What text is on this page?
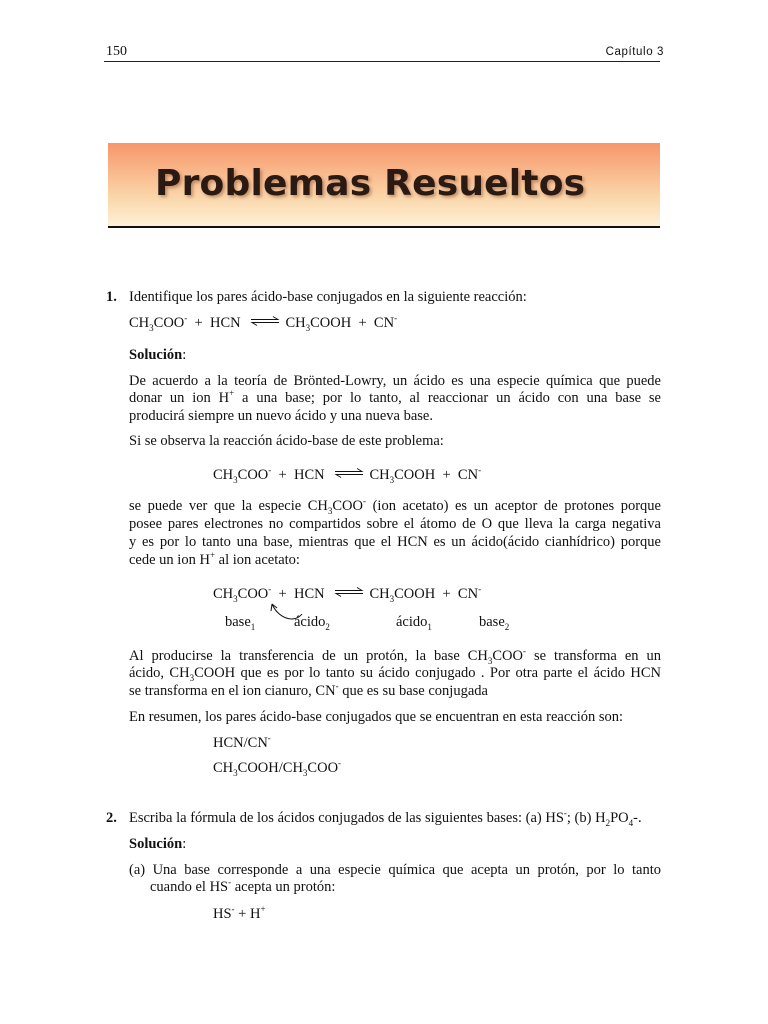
150	Capítulo 3
Problemas Resueltos
1. Identifique los pares ácido-base conjugados en la siguiente reacción:
$CH_3COO^-$ + HCN ⇌ $CH_3COOH + CN^-$
Solución:
De acuerdo a la teoría de Brönted-Lowry, un ácido es una especie química que puede
donar un ion H+ a una base; por lo tanto, al reaccionar un ácido con una base se
producirá siempre un nuevo ácido y una nueva base.
Si se observa la reacción ácido-base de este problema:
$CH_3COO^-$ + HCN ⇌ $CH_3COOH + CN^-$
se puede ver que la especie $CH_3COO^-$ (ion acetato) es un aceptor de protones porque
posee pares electrones no compartidos sobre el átomo de O que lleva la carga negativa
y es por lo tanto una base, mientras que el HCN es un ácido(ácido cianhídrico) porque
cede un ion H+ al ion acetato:
$CH_3COO^-$ + HCN ⇌ $CH_3COOH + CN^-$
base$_1$	ácido$_2$	ácido$_1$	base$_2$
Al producirse la transferencia de un protón, la base $CH_3COO^-$ se transforma en un
ácido, $CH_3COOH$ que es por lo tanto su ácido conjugado . Por otra parte el ácido HCN
se transforma en el ion cianuro, CN- que es su base conjugada
En resumen, los pares ácido-base conjugados que se encuentran en esta reacción son:
HCN/CN-
$CH_3COOH/CH_3COO^-$
2. Escriba la fórmula de los ácidos conjugados de las siguientes bases: (a) HS-; (b) $H_2PO_4-$.
Solución:
(a) Una base corresponde a una especie química que acepta un protón, por lo tanto
cuando el HS- acepta un protón:
HS- + H+
